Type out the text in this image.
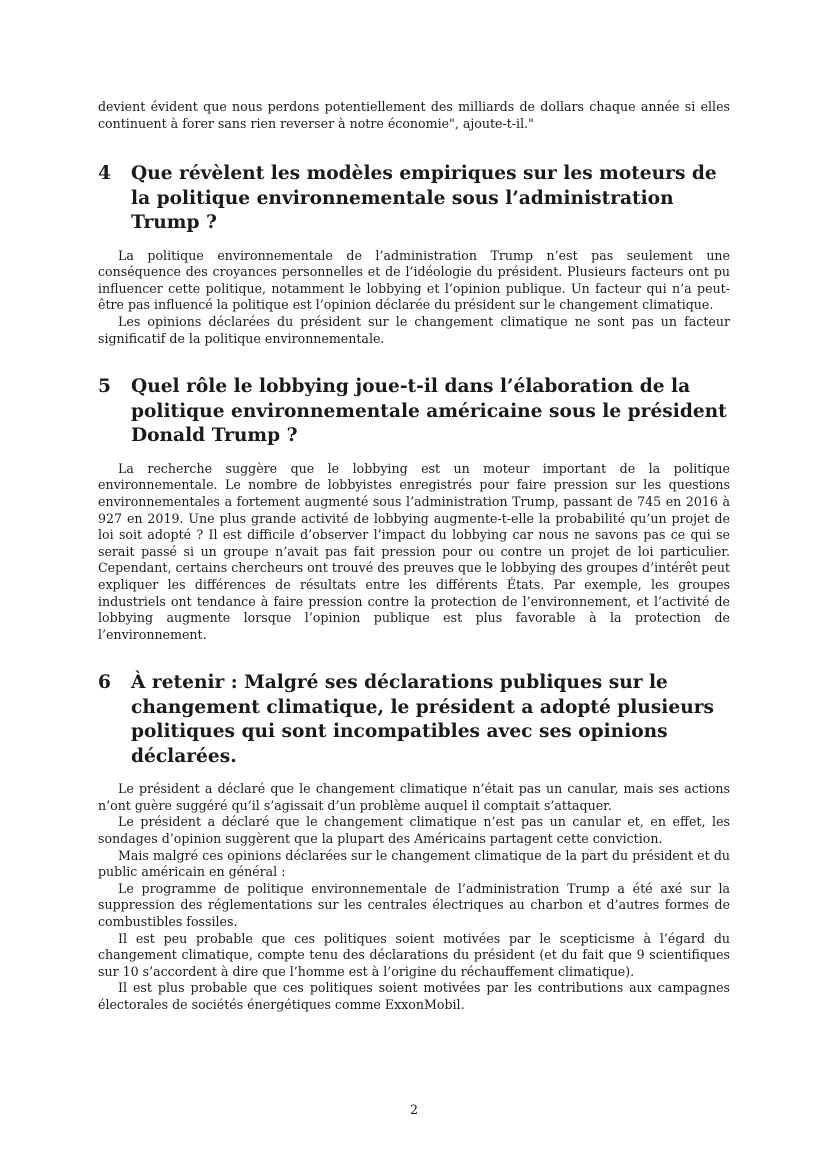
devient évident que nous perdons potentiellement des milliards de dollars chaque année si elles continuent à forer sans rien reverser à notre économie", ajoute-t-il."

4	Que révèlent les modèles empiriques sur les moteurs de la politique environnementale sous l’administration Trump ?

La politique environnementale de l’administration Trump n’est pas seulement une conséquence des croyances personnelles et de l’idéologie du président. Plusieurs facteurs ont pu influencer cette politique, notamment le lobbying et l’opinion publique. Un facteur qui n’a peut-être pas influencé la politique est l’opinion déclarée du président sur le changement climatique.

Les opinions déclarées du président sur le changement climatique ne sont pas un facteur significatif de la politique environnementale.

5	Quel rôle le lobbying joue-t-il dans l’élaboration de la politique environnementale américaine sous le président Donald Trump ?

La recherche suggère que le lobbying est un moteur important de la politique environnementale. Le nombre de lobbyistes enregistrés pour faire pression sur les questions environnementales a fortement augmenté sous l’administration Trump, passant de 745 en 2016 à 927 en 2019. Une plus grande activité de lobbying augmente-t-elle la probabilité qu’un projet de loi soit adopté ? Il est difficile d’observer l’impact du lobbying car nous ne savons pas ce qui se serait passé si un groupe n’avait pas fait pression pour ou contre un projet de loi particulier. Cependant, certains chercheurs ont trouvé des preuves que le lobbying des groupes d’intérêt peut expliquer les différences de résultats entre les différents États. Par exemple, les groupes industriels ont tendance à faire pression contre la protection de l’environnement, et l’activité de lobbying augmente lorsque l’opinion publique est plus favorable à la protection de l’environnement.

6	À retenir : Malgré ses déclarations publiques sur le changement climatique, le président a adopté plusieurs politiques qui sont incompatibles avec ses opinions déclarées.

Le président a déclaré que le changement climatique n’était pas un canular, mais ses actions n’ont guère suggéré qu’il s’agissait d’un problème auquel il comptait s’attaquer.

Le président a déclaré que le changement climatique n’est pas un canular et, en effet, les sondages d’opinion suggèrent que la plupart des Américains partagent cette conviction.

Mais malgré ces opinions déclarées sur le changement climatique de la part du président et du public américain en général :

Le programme de politique environnementale de l’administration Trump a été axé sur la suppression des réglementations sur les centrales électriques au charbon et d’autres formes de combustibles fossiles.

Il est peu probable que ces politiques soient motivées par le scepticisme à l’égard du changement climatique, compte tenu des déclarations du président (et du fait que 9 scientifiques sur 10 s’accordent à dire que l’homme est à l’origine du réchauffement climatique).

Il est plus probable que ces politiques soient motivées par les contributions aux campagnes électorales de sociétés énergétiques comme ExxonMobil.

2
